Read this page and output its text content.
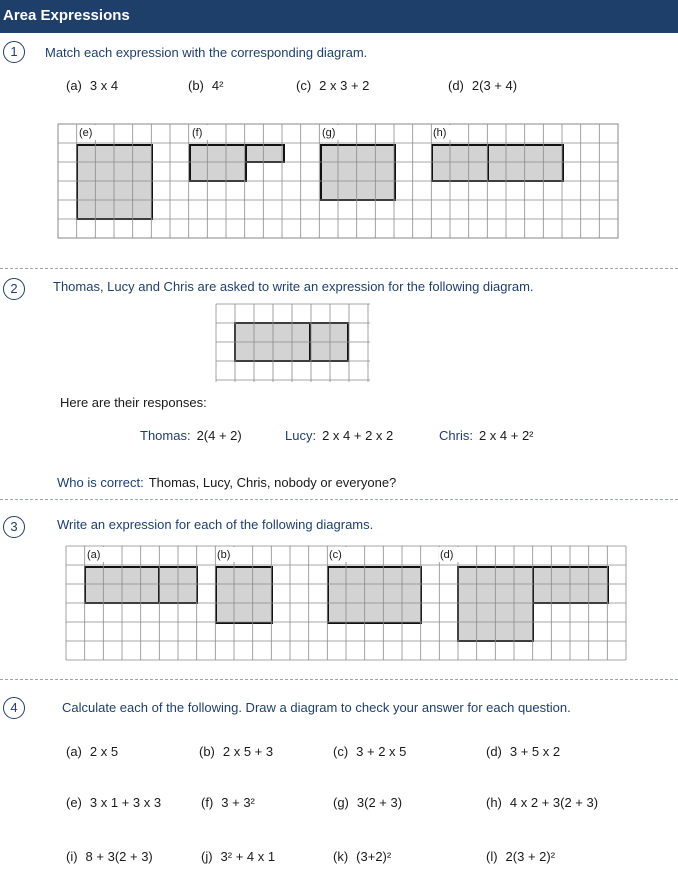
Area Expressions
1	Match each expression with the corresponding diagram.
(a) 3 x 4	(b) 4²	(c) 2 x 3 + 2	(d) 2(3 + 4)
(e)	(f)	(g)	(h)
2	Thomas, Lucy and Chris are asked to write an expression for the following diagram.
Here are their responses:
Thomas: 2(4 + 2)	Lucy: 2 x 4 + 2 x 2	Chris: 2 x 4 + 2²
Who is correct: Thomas, Lucy, Chris, nobody or everyone?
3	Write an expression for each of the following diagrams.
(a)	(b)	(c)	(d)
4	Calculate each of the following. Draw a diagram to check your answer for each question.
(a) 2 x 5	(b) 2 x 5 + 3	(c) 3 + 2 x 5	(d) 3 + 5 x 2
(e) 3 x 1 + 3 x 3	(f) 3 + 3²	(g) 3(2 + 3)	(h) 4 x 2 + 3(2 + 3)
(i) 8 + 3(2 + 3)	(j) 3² + 4 x 1	(k) (3+2)²	(l) 2(3 + 2)²
